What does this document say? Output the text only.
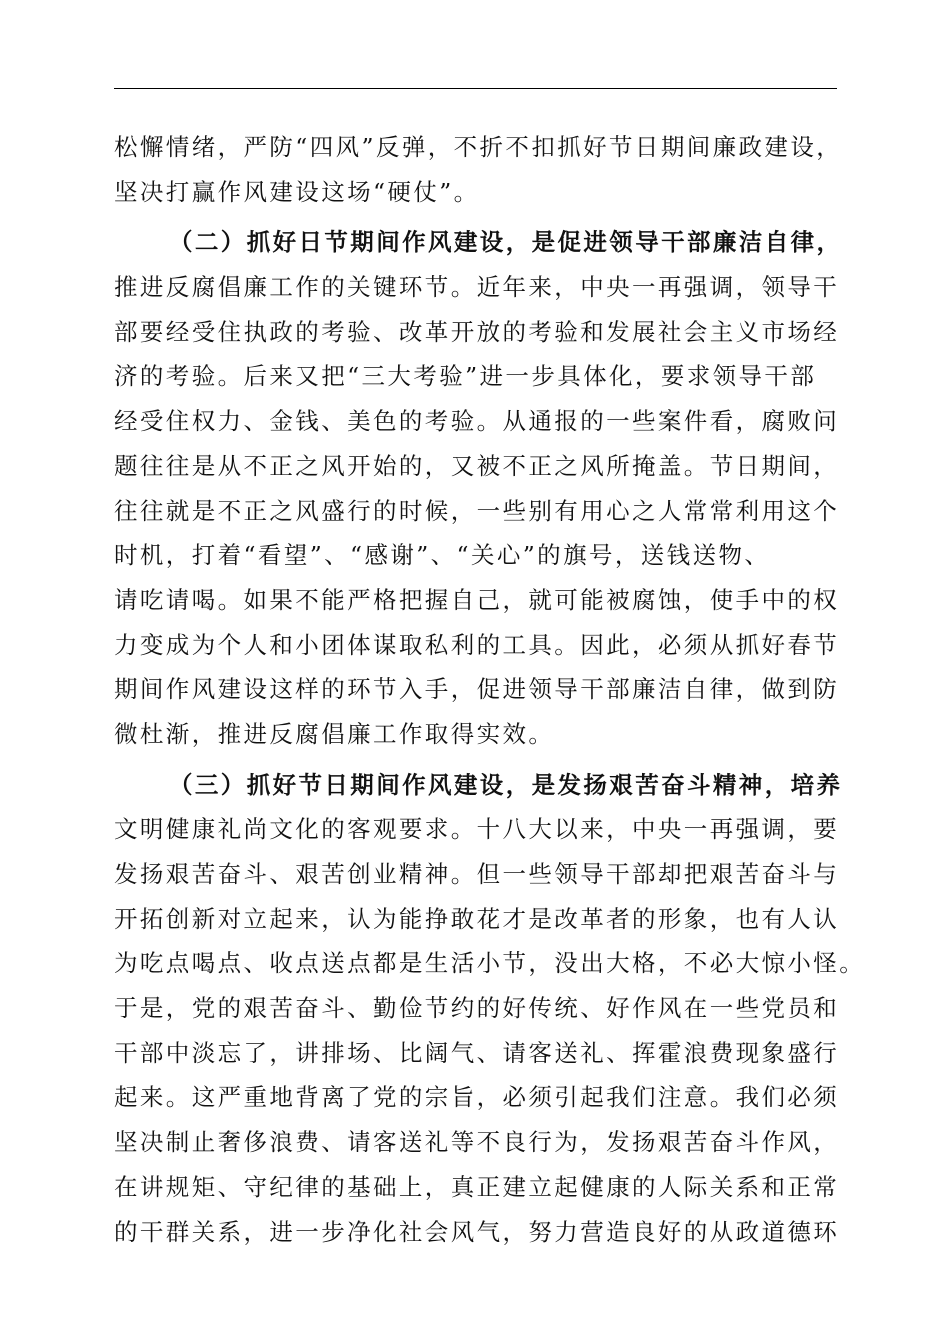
松懈情绪，严防“四风”反弹，不折不扣抓好节日期间廉政建设，
坚决打赢作风建设这场“硬仗”。
（二）抓好日节期间作风建设，是促进领导干部廉洁自律，
推进反腐倡廉工作的关键环节。近年来，中央一再强调，领导干
部要经受住执政的考验、改革开放的考验和发展社会主义市场经
济的考验。后来又把“三大考验”进一步具体化，要求领导干部
经受住权力、金钱、美色的考验。从通报的一些案件看，腐败问
题往往是从不正之风开始的，又被不正之风所掩盖。节日期间，
往往就是不正之风盛行的时候，一些别有用心之人常常利用这个
时机，打着“看望”、“感谢”、“关心”的旗号，送钱送物、
请吃请喝。如果不能严格把握自己，就可能被腐蚀，使手中的权
力变成为个人和小团体谋取私利的工具。因此，必须从抓好春节
期间作风建设这样的环节入手，促进领导干部廉洁自律，做到防
微杜渐，推进反腐倡廉工作取得实效。
（三）抓好节日期间作风建设，是发扬艰苦奋斗精神，培养
文明健康礼尚文化的客观要求。十八大以来，中央一再强调，要
发扬艰苦奋斗、艰苦创业精神。但一些领导干部却把艰苦奋斗与
开拓创新对立起来，认为能挣敢花才是改革者的形象，也有人认
为吃点喝点、收点送点都是生活小节，没出大格，不必大惊小怪。
于是，党的艰苦奋斗、勤俭节约的好传统、好作风在一些党员和
干部中淡忘了，讲排场、比阔气、请客送礼、挥霍浪费现象盛行
起来。这严重地背离了党的宗旨，必须引起我们注意。我们必须
坚决制止奢侈浪费、请客送礼等不良行为，发扬艰苦奋斗作风，
在讲规矩、守纪律的基础上，真正建立起健康的人际关系和正常
的干群关系，进一步净化社会风气，努力营造良好的从政道德环
